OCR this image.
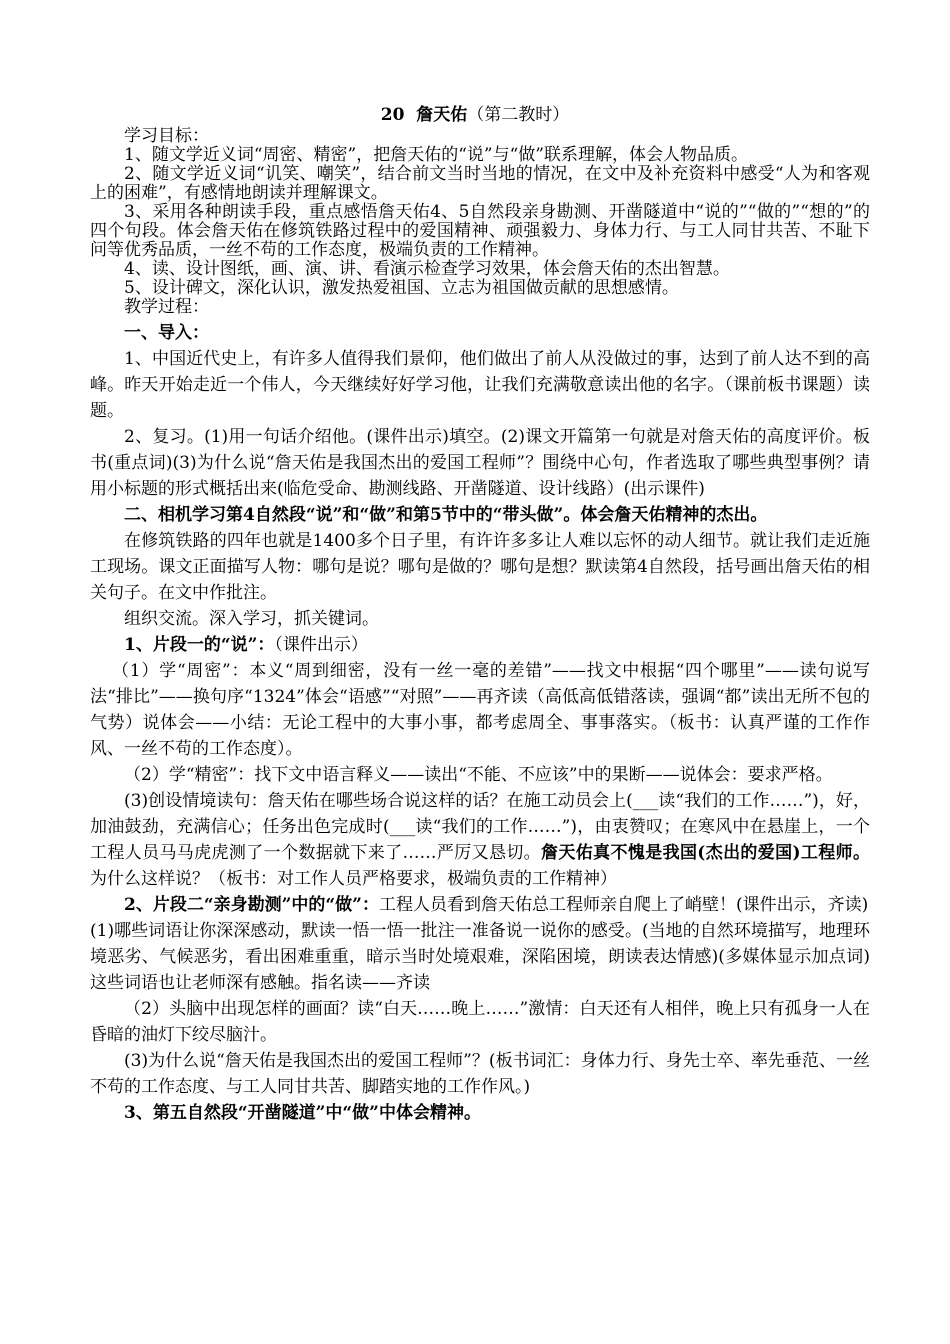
20  詹天佑（第二教时）

学习目标：

1、随文学近义词“周密、精密”，把詹天佑的“说”与“做”联系理解，体会人物品质。

2、随文学近义词“讥笑、嘲笑”，结合前文当时当地的情况，在文中及补充资料中感受“人为和客观上的困难”，有感情地朗读并理解课文。

3、采用各种朗读手段，重点感悟詹天佑4、5自然段亲身勘测、开凿隧道中“说的”“做的”“想的”的四个句段。体会詹天佑在修筑铁路过程中的爱国精神、顽强毅力、身体力行、与工人同甘共苦、不耻下问等优秀品质，一丝不苟的工作态度，极端负责的工作精神。

4、读、设计图纸，画、演、讲、看演示检查学习效果，体会詹天佑的杰出智慧。

5、设计碑文，深化认识，激发热爱祖国、立志为祖国做贡献的思想感情。

教学过程：

一、导入：

1、中国近代史上，有许多人值得我们景仰，他们做出了前人从没做过的事，达到了前人达不到的高峰。昨天开始走近一个伟人，今天继续好好学习他，让我们充满敬意读出他的名字。（课前板书课题）读题。

2、复习。(1)用一句话介绍他。(课件出示)填空。(2)课文开篇第一句就是对詹天佑的高度评价。板书(重点词)(3)为什么说“詹天佑是我国杰出的爱国工程师”？围绕中心句，作者选取了哪些典型事例？请用小标题的形式概括出来(临危受命、勘测线路、开凿隧道、设计线路）(出示课件)

二、相机学习第4自然段“说”和“做”和第5节中的“带头做”。体会詹天佑精神的杰出。

在修筑铁路的四年也就是1400多个日子里，有许许多多让人难以忘怀的动人细节。就让我们走近施工现场。课文正面描写人物：哪句是说？哪句是做的？哪句是想？默读第4自然段，括号画出詹天佑的相关句子。在文中作批注。

组织交流。深入学习，抓关键词。

1、片段一的“说”：（课件出示）

（1）学“周密”：本义“周到细密，没有一丝一毫的差错”——找文中根据“四个哪里”——读句说写法“排比”——换句序“1324”体会“语感”“对照”——再齐读（高低高低错落读，强调“都”读出无所不包的气势）说体会——小结：无论工程中的大事小事，都考虑周全、事事落实。（板书：认真严谨的工作作风、一丝不苟的工作态度）。

（2）学“精密”：找下文中语言释义——读出“不能、不应该”中的果断——说体会：要求严格。

(3)创设情境读句：詹天佑在哪些场合说这样的话？在施工动员会上(___读“我们的工作……”)，好，加油鼓劲，充满信心；任务出色完成时(___读“我们的工作……”)，由衷赞叹；在寒风中在悬崖上，一个工程人员马马虎虎测了一个数据就下来了……严厉又恳切。詹天佑真不愧是我国(杰出的爱国)工程师。为什么这样说？（板书：对工作人员严格要求，极端负责的工作精神）

2、片段二“亲身勘测”中的“做”：工程人员看到詹天佑总工程师亲自爬上了峭壁！(课件出示，齐读)

(1)哪些词语让你深深感动，默读一悟一悟一批注一准备说一说你的感受。(当地的自然环境描写，地理环境恶劣、气候恶劣，看出困难重重，暗示当时处境艰难，深陷困境，朗读表达情感)(多媒体显示加点词)这些词语也让老师深有感触。指名读——齐读

（2）头脑中出现怎样的画面？读“白天……晚上……”激情：白天还有人相伴，晚上只有孤身一人在昏暗的油灯下绞尽脑汁。

(3)为什么说“詹天佑是我国杰出的爱国工程师”？(板书词汇：身体力行、身先士卒、率先垂范、一丝不苟的工作态度、与工人同甘共苦、脚踏实地的工作作风。)

3、第五自然段“开凿隧道”中“做”中体会精神。
